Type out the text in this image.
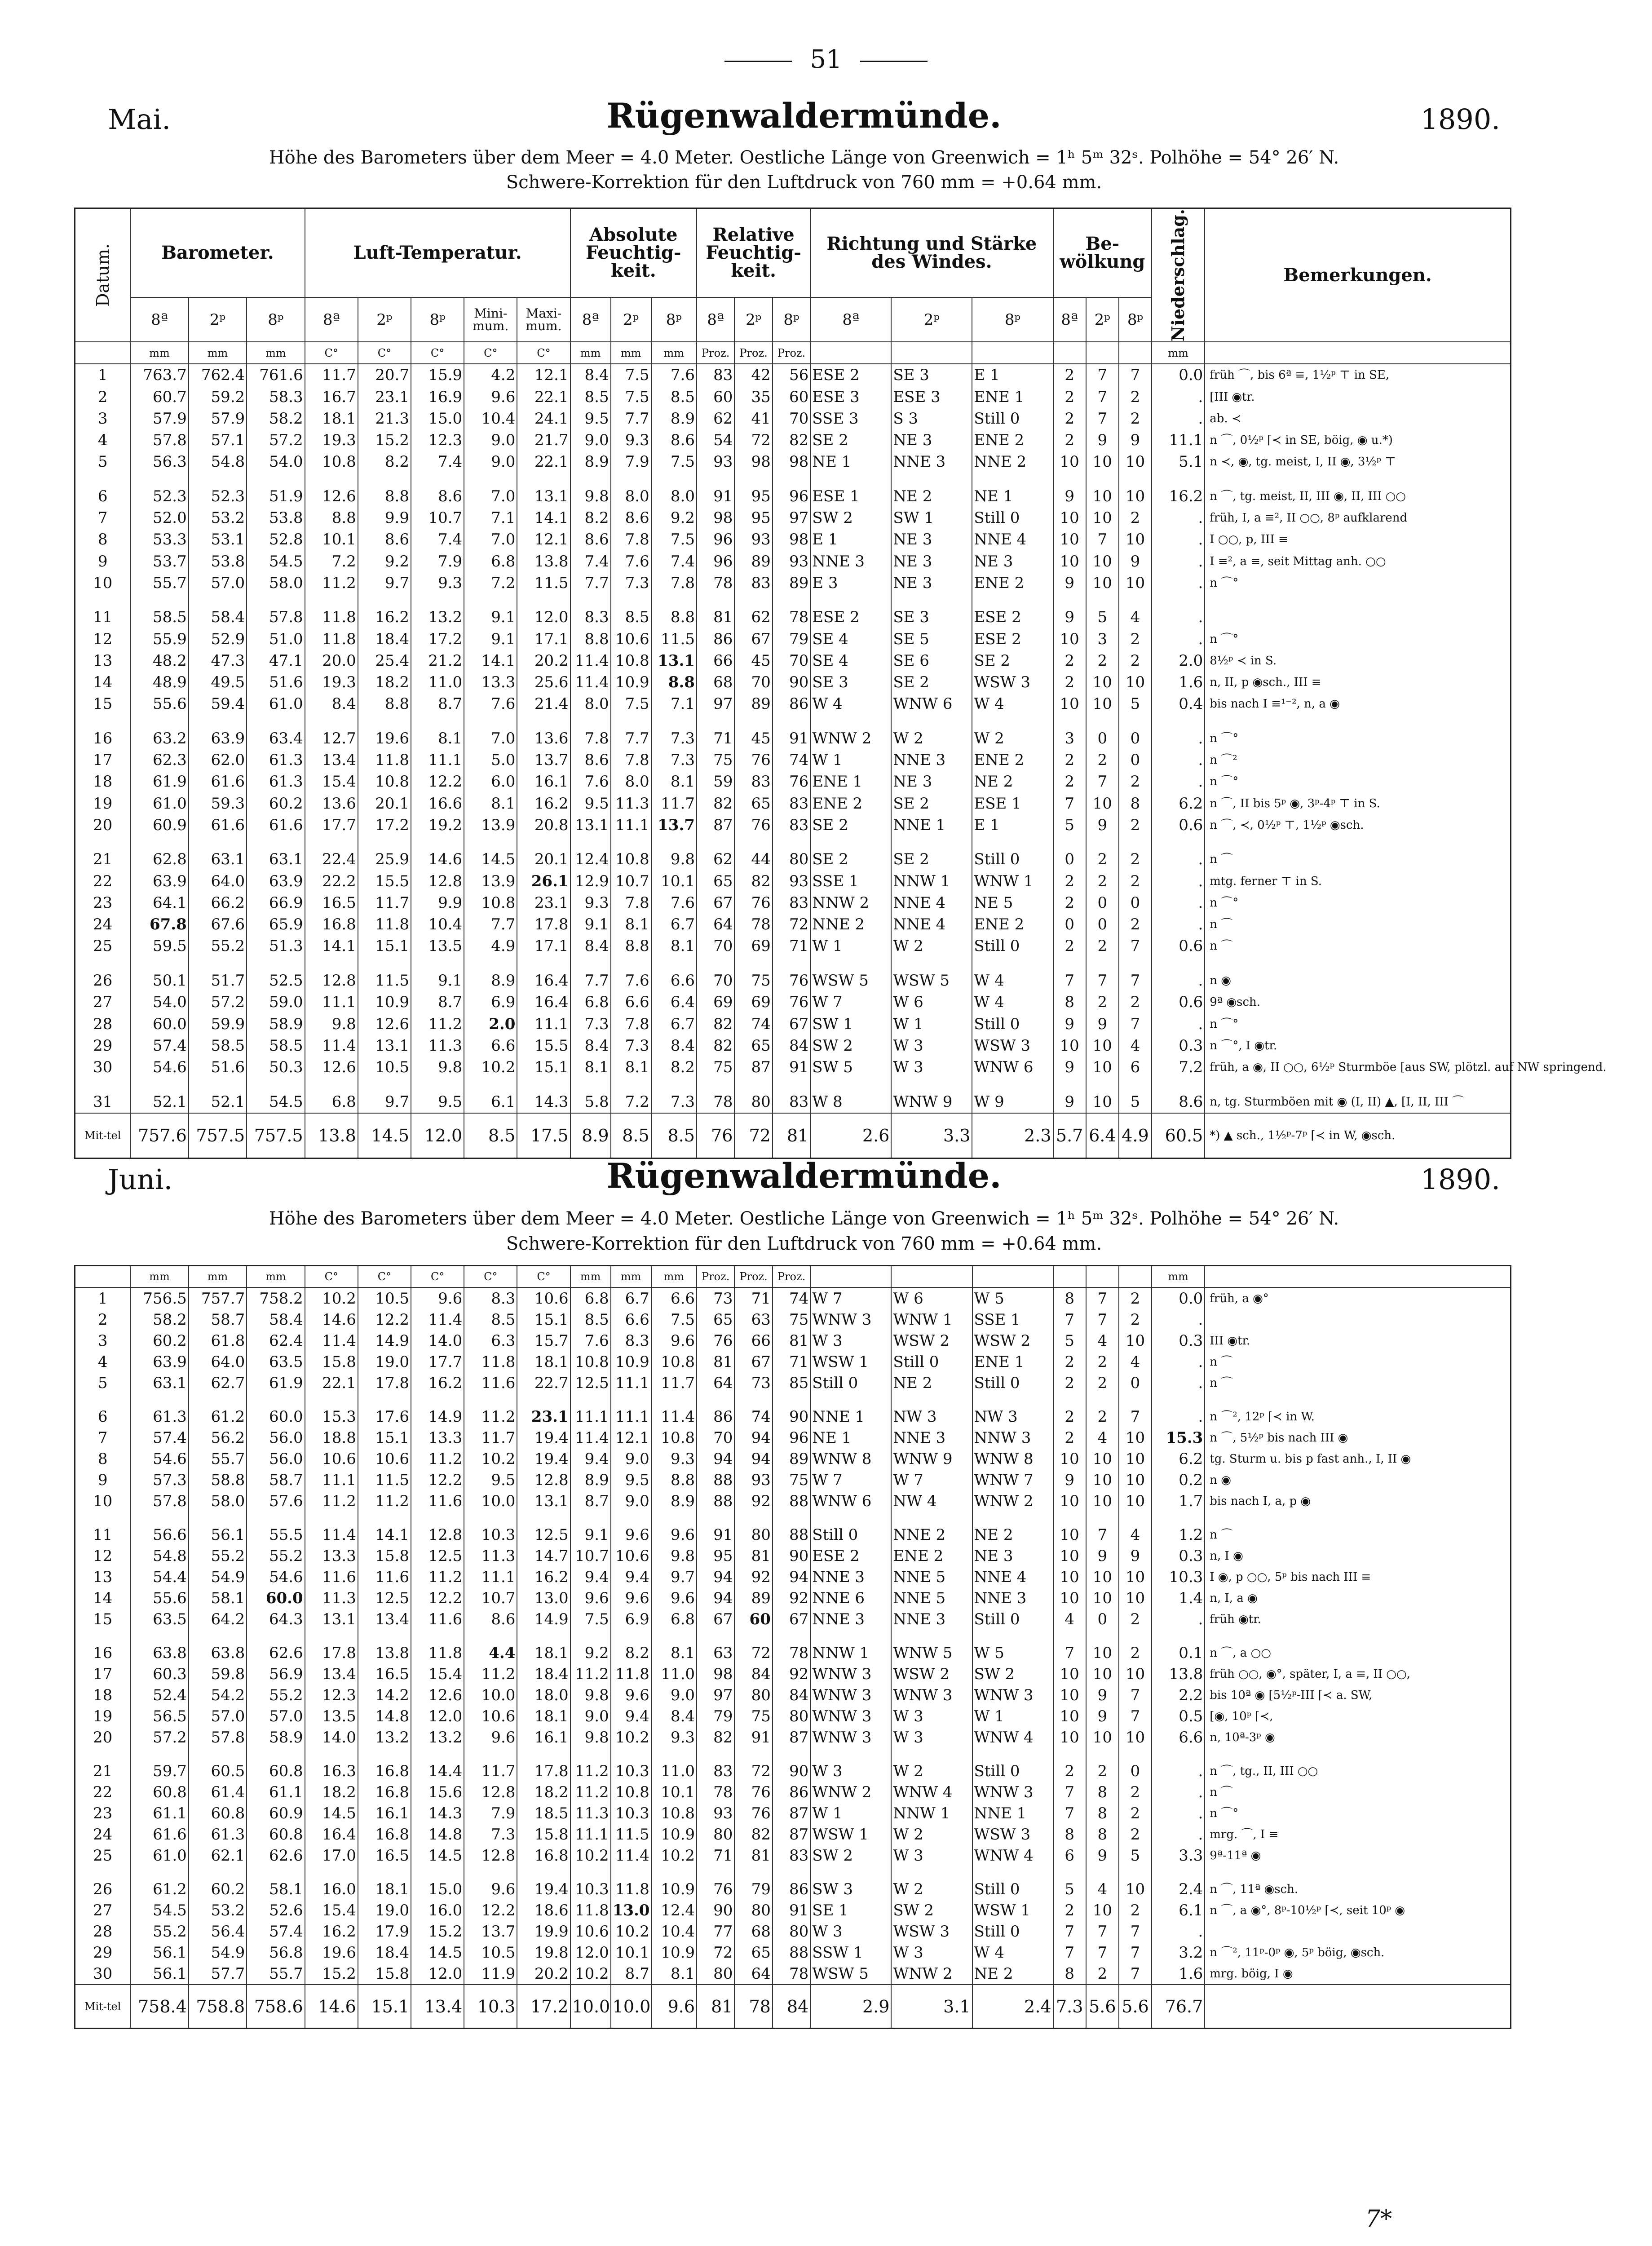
51
Mai.	Rügenwaldermünde.	1890.
Höhe des Barometers über dem Meer = 4.0 Meter. Oestliche Länge von Greenwich = 1ʰ 5ᵐ 32ˢ. Polhöhe = 54° 26′ N.
Schwere-Korrektion für den Luftdruck von 760 mm = +0.64 mm.
Datum.	Barometer.			Luft-Temperatur.					Absolute Feuchtig-keit.			Relative Feuchtig-keit.			Richtung und Stärke des Windes.			Be-wölkung			Niederschlag.	Bemerkungen.
	8ª	2ᵖ	8ᵖ	8ª	2ᵖ	8ᵖ	Mini-mum.	Maxi-mum.	8ª	2ᵖ	8ᵖ	8ª	2ᵖ	8ᵖ	8ª	2ᵖ	8ᵖ	8ª	2ᵖ	8ᵖ		
	mm	mm	mm	C°	C°	C°	C°	C°	mm	mm	mm	Proz.	Proz.	Proz.							mm	
1	763.7	762.4	761.6	11.7	20.7	15.9	4.2	12.1	8.4	7.5	7.6	83	42	56	ESE 2	SE 3	E 1	2	7	7	0.0	früh ⌒, bis 6ª ≡, 1½ᵖ ⊤ in SE,
2	60.7	59.2	58.3	16.7	23.1	16.9	9.6	22.1	8.5	7.5	8.5	60	35	60	ESE 3	ESE 3	ENE 1	2	7	2	.	[III ◉tr.
3	57.9	57.9	58.2	18.1	21.3	15.0	10.4	24.1	9.5	7.7	8.9	62	41	70	SSE 3	S 3	Still 0	2	7	2	.	ab. ≺
4	57.8	57.1	57.2	19.3	15.2	12.3	9.0	21.7	9.0	9.3	8.6	54	72	82	SE 2	NE 3	ENE 2	2	9	9	11.1	n ⌒, 0½ᵖ ⌈≺ in SE, böig, ◉ u.*)
5	56.3	54.8	54.0	10.8	8.2	7.4	9.0	22.1	8.9	7.9	7.5	93	98	98	NE 1	NNE 3	NNE 2	10	10	10	5.1	n ≺, ◉, tg. meist, I, II ◉, 3½ᵖ ⊤
6	52.3	52.3	51.9	12.6	8.8	8.6	7.0	13.1	9.8	8.0	8.0	91	95	96	ESE 1	NE 2	NE 1	9	10	10	16.2	n ⌒, tg. meist, II, III ◉, II, III ○○
7	52.0	53.2	53.8	8.8	9.9	10.7	7.1	14.1	8.2	8.6	9.2	98	95	97	SW 2	SW 1	Still 0	10	10	2	.	früh, I, a ≡², II ○○, 8ᵖ aufklarend
8	53.3	53.1	52.8	10.1	8.6	7.4	7.0	12.1	8.6	7.8	7.5	96	93	98	E 1	NE 3	NNE 4	10	7	10	.	I ○○, p, III ≡
9	53.7	53.8	54.5	7.2	9.2	7.9	6.8	13.8	7.4	7.6	7.4	96	89	93	NNE 3	NE 3	NE 3	10	10	9	.	I ≡², a ≡, seit Mittag anh. ○○
10	55.7	57.0	58.0	11.2	9.7	9.3	7.2	11.5	7.7	7.3	7.8	78	83	89	E 3	NE 3	ENE 2	9	10	10	.	n ⌒°
11	58.5	58.4	57.8	11.8	16.2	13.2	9.1	12.0	8.3	8.5	8.8	81	62	78	ESE 2	SE 3	ESE 2	9	5	4	.	
12	55.9	52.9	51.0	11.8	18.4	17.2	9.1	17.1	8.8	10.6	11.5	86	67	79	SE 4	SE 5	ESE 2	10	3	2	.	n ⌒°
13	48.2	47.3	47.1	20.0	25.4	21.2	14.1	20.2	11.4	10.8	13.1	66	45	70	SE 4	SE 6	SE 2	2	2	2	2.0	8½ᵖ ≺ in S.
14	48.9	49.5	51.6	19.3	18.2	11.0	13.3	25.6	11.4	10.9	8.8	68	70	90	SE 3	SE 2	WSW 3	2	10	10	1.6	n, II, p ◉sch., III ≡
15	55.6	59.4	61.0	8.4	8.8	8.7	7.6	21.4	8.0	7.5	7.1	97	89	86	W 4	WNW 6	W 4	10	10	5	0.4	bis nach I ≡¹⁻², n, a ◉
16	63.2	63.9	63.4	12.7	19.6	8.1	7.0	13.6	7.8	7.7	7.3	71	45	91	WNW 2	W 2	W 2	3	0	0	.	n ⌒°
17	62.3	62.0	61.3	13.4	11.8	11.1	5.0	13.7	8.6	7.8	7.3	75	76	74	W 1	NNE 3	ENE 2	2	2	0	.	n ⌒²
18	61.9	61.6	61.3	15.4	10.8	12.2	6.0	16.1	7.6	8.0	8.1	59	83	76	ENE 1	NE 3	NE 2	2	7	2	.	n ⌒°
19	61.0	59.3	60.2	13.6	20.1	16.6	8.1	16.2	9.5	11.3	11.7	82	65	83	ENE 2	SE 2	ESE 1	7	10	8	6.2	n ⌒, II bis 5ᵖ ◉, 3ᵖ-4ᵖ ⊤ in S.
20	60.9	61.6	61.6	17.7	17.2	19.2	13.9	20.8	13.1	11.1	13.7	87	76	83	SE 2	NNE 1	E 1	5	9	2	0.6	n ⌒, ≺, 0½ᵖ ⊤, 1½ᵖ ◉sch.
21	62.8	63.1	63.1	22.4	25.9	14.6	14.5	20.1	12.4	10.8	9.8	62	44	80	SE 2	SE 2	Still 0	0	2	2	.	n ⌒
22	63.9	64.0	63.9	22.2	15.5	12.8	13.9	26.1	12.9	10.7	10.1	65	82	93	SSE 1	NNW 1	WNW 1	2	2	2	.	mtg. ferner ⊤ in S.
23	64.1	66.2	66.9	16.5	11.7	9.9	10.8	23.1	9.3	7.8	7.6	67	76	83	NNW 2	NNE 4	NE 5	2	0	0	.	n ⌒°
24	67.8	67.6	65.9	16.8	11.8	10.4	7.7	17.8	9.1	8.1	6.7	64	78	72	NNE 2	NNE 4	ENE 2	0	0	2	.	n ⌒
25	59.5	55.2	51.3	14.1	15.1	13.5	4.9	17.1	8.4	8.8	8.1	70	69	71	W 1	W 2	Still 0	2	2	7	0.6	n ⌒
26	50.1	51.7	52.5	12.8	11.5	9.1	8.9	16.4	7.7	7.6	6.6	70	75	76	WSW 5	WSW 5	W 4	7	7	7	.	n ◉
27	54.0	57.2	59.0	11.1	10.9	8.7	6.9	16.4	6.8	6.6	6.4	69	69	76	W 7	W 6	W 4	8	2	2	0.6	9ª ◉sch.
28	60.0	59.9	58.9	9.8	12.6	11.2	2.0	11.1	7.3	7.8	6.7	82	74	67	SW 1	W 1	Still 0	9	9	7	.	n ⌒°
29	57.4	58.5	58.5	11.4	13.1	11.3	6.6	15.5	8.4	7.3	8.4	82	65	84	SW 2	W 3	WSW 3	10	10	4	0.3	n ⌒°, I ◉tr.
30	54.6	51.6	50.3	12.6	10.5	9.8	10.2	15.1	8.1	8.1	8.2	75	87	91	SW 5	W 3	WNW 6	9	10	6	7.2	früh, a ◉, II ○○, 6½ᵖ Sturmböe [aus SW, plötzl. auf NW springend.
31	52.1	52.1	54.5	6.8	9.7	9.5	6.1	14.3	5.8	7.2	7.3	78	80	83	W 8	WNW 9	W 9	9	10	5	8.6	n, tg. Sturmböen mit ◉ (I, II) ▲, [I, II, III ⌒
Mit-tel	757.6	757.5	757.5	13.8	14.5	12.0	8.5	17.5	8.9	8.5	8.5	76	72	81	2.6	3.3	2.3	5.7	6.4	4.9	60.5	*) ▲ sch., 1½ᵖ-7ᵖ ⌈≺ in W, ◉sch.
Juni.	Rügenwaldermünde.	1890.
Höhe des Barometers über dem Meer = 4.0 Meter. Oestliche Länge von Greenwich = 1ʰ 5ᵐ 32ˢ. Polhöhe = 54° 26′ N.
Schwere-Korrektion für den Luftdruck von 760 mm = +0.64 mm.
	mm	mm	mm	C°	C°	C°	C°	C°	mm	mm	mm	Proz.	Proz.	Proz.							mm	
1	756.5	757.7	758.2	10.2	10.5	9.6	8.3	10.6	6.8	6.7	6.6	73	71	74	W 7	W 6	W 5	8	7	2	0.0	früh, a ◉°
2	58.2	58.7	58.4	14.6	12.2	11.4	8.5	15.1	8.5	6.6	7.5	65	63	75	WNW 3	WNW 1	SSE 1	7	7	2	.	
3	60.2	61.8	62.4	11.4	14.9	14.0	6.3	15.7	7.6	8.3	9.6	76	66	81	W 3	WSW 2	WSW 2	5	4	10	0.3	III ◉tr.
4	63.9	64.0	63.5	15.8	19.0	17.7	11.8	18.1	10.8	10.9	10.8	81	67	71	WSW 1	Still 0	ENE 1	2	2	4	.	n ⌒
5	63.1	62.7	61.9	22.1	17.8	16.2	11.6	22.7	12.5	11.1	11.7	64	73	85	Still 0	NE 2	Still 0	2	2	0	.	n ⌒
6	61.3	61.2	60.0	15.3	17.6	14.9	11.2	23.1	11.1	11.1	11.4	86	74	90	NNE 1	NW 3	NW 3	2	2	7	.	n ⌒², 12ᵖ ⌈≺ in W.
7	57.4	56.2	56.0	18.8	15.1	13.3	11.7	19.4	11.4	12.1	10.8	70	94	96	NE 1	NNE 3	NNW 3	2	4	10	15.3	n ⌒, 5½ᵖ bis nach III ◉
8	54.6	55.7	56.0	10.6	10.6	11.2	10.2	19.4	9.4	9.0	9.3	94	94	89	WNW 8	WNW 9	WNW 8	10	10	10	6.2	tg. Sturm u. bis p fast anh., I, II ◉
9	57.3	58.8	58.7	11.1	11.5	12.2	9.5	12.8	8.9	9.5	8.8	88	93	75	W 7	W 7	WNW 7	9	10	10	0.2	n ◉
10	57.8	58.0	57.6	11.2	11.2	11.6	10.0	13.1	8.7	9.0	8.9	88	92	88	WNW 6	NW 4	WNW 2	10	10	10	1.7	bis nach I, a, p ◉
11	56.6	56.1	55.5	11.4	14.1	12.8	10.3	12.5	9.1	9.6	9.6	91	80	88	Still 0	NNE 2	NE 2	10	7	4	1.2	n ⌒
12	54.8	55.2	55.2	13.3	15.8	12.5	11.3	14.7	10.7	10.6	9.8	95	81	90	ESE 2	ENE 2	NE 3	10	9	9	0.3	n, I ◉
13	54.4	54.9	54.6	11.6	11.6	11.2	11.1	16.2	9.4	9.4	9.7	94	92	94	NNE 3	NNE 5	NNE 4	10	10	10	10.3	I ◉, p ○○, 5ᵖ bis nach III ≡
14	55.6	58.1	60.0	11.3	12.5	12.2	10.7	13.0	9.6	9.6	9.6	94	89	92	NNE 6	NNE 5	NNE 3	10	10	10	1.4	n, I, a ◉
15	63.5	64.2	64.3	13.1	13.4	11.6	8.6	14.9	7.5	6.9	6.8	67	60	67	NNE 3	NNE 3	Still 0	4	0	2	.	früh ◉tr.
16	63.8	63.8	62.6	17.8	13.8	11.8	4.4	18.1	9.2	8.2	8.1	63	72	78	NNW 1	WNW 5	W 5	7	10	2	0.1	n ⌒, a ○○
17	60.3	59.8	56.9	13.4	16.5	15.4	11.2	18.4	11.2	11.8	11.0	98	84	92	WNW 3	WSW 2	SW 2	10	10	10	13.8	früh ○○, ◉°, später, I, a ≡, II ○○,
18	52.4	54.2	55.2	12.3	14.2	12.6	10.0	18.0	9.8	9.6	9.0	97	80	84	WNW 3	WNW 3	WNW 3	10	9	7	2.2	bis 10ª ◉ [5½ᵖ-III ⌈≺ a. SW,
19	56.5	57.0	57.0	13.5	14.8	12.0	10.6	18.1	9.0	9.4	8.4	79	75	80	WNW 3	W 3	W 1	10	9	7	0.5	[◉, 10ᵖ ⌈≺,
20	57.2	57.8	58.9	14.0	13.2	13.2	9.6	16.1	9.8	10.2	9.3	82	91	87	WNW 3	W 3	WNW 4	10	10	10	6.6	n, 10ª-3ᵖ ◉
21	59.7	60.5	60.8	16.3	16.8	14.4	11.7	17.8	11.2	10.3	11.0	83	72	90	W 3	W 2	Still 0	2	2	0	.	n ⌒, tg., II, III ○○
22	60.8	61.4	61.1	18.2	16.8	15.6	12.8	18.2	11.2	10.8	10.1	78	76	86	WNW 2	WNW 4	WNW 3	7	8	2	.	n ⌒
23	61.1	60.8	60.9	14.5	16.1	14.3	7.9	18.5	11.3	10.3	10.8	93	76	87	W 1	NNW 1	NNE 1	7	8	2	.	n ⌒°
24	61.6	61.3	60.8	16.4	16.8	14.8	7.3	15.8	11.1	11.5	10.9	80	82	87	WSW 1	W 2	WSW 3	8	8	2	.	mrg. ⌒, I ≡
25	61.0	62.1	62.6	17.0	16.5	14.5	12.8	16.8	10.2	11.4	10.2	71	81	83	SW 2	W 3	WNW 4	6	9	5	3.3	9ª-11ª ◉
26	61.2	60.2	58.1	16.0	18.1	15.0	9.6	19.4	10.3	11.8	10.9	76	79	86	SW 3	W 2	Still 0	5	4	10	2.4	n ⌒, 11ª ◉sch.
27	54.5	53.2	52.6	15.4	19.0	16.0	12.2	18.6	11.8	13.0	12.4	90	80	91	SE 1	SW 2	WSW 1	2	10	2	6.1	n ⌒, a ◉°, 8ᵖ-10½ᵖ ⌈≺, seit 10ᵖ ◉
28	55.2	56.4	57.4	16.2	17.9	15.2	13.7	19.9	10.6	10.2	10.4	77	68	80	W 3	WSW 3	Still 0	7	7	7	.	
29	56.1	54.9	56.8	19.6	18.4	14.5	10.5	19.8	12.0	10.1	10.9	72	65	88	SSW 1	W 3	W 4	7	7	7	3.2	n ⌒², 11ᵖ-0ᵖ ◉, 5ᵖ böig, ◉sch.
30	56.1	57.7	55.7	15.2	15.8	12.0	11.9	20.2	10.2	8.7	8.1	80	64	78	WSW 5	WNW 2	NE 2	8	2	7	1.6	mrg. böig, I ◉
Mit-tel	758.4	758.8	758.6	14.6	15.1	13.4	10.3	17.2	10.0	10.0	9.6	81	78	84	2.9	3.1	2.4	7.3	5.6	5.6	76.7	
7*
